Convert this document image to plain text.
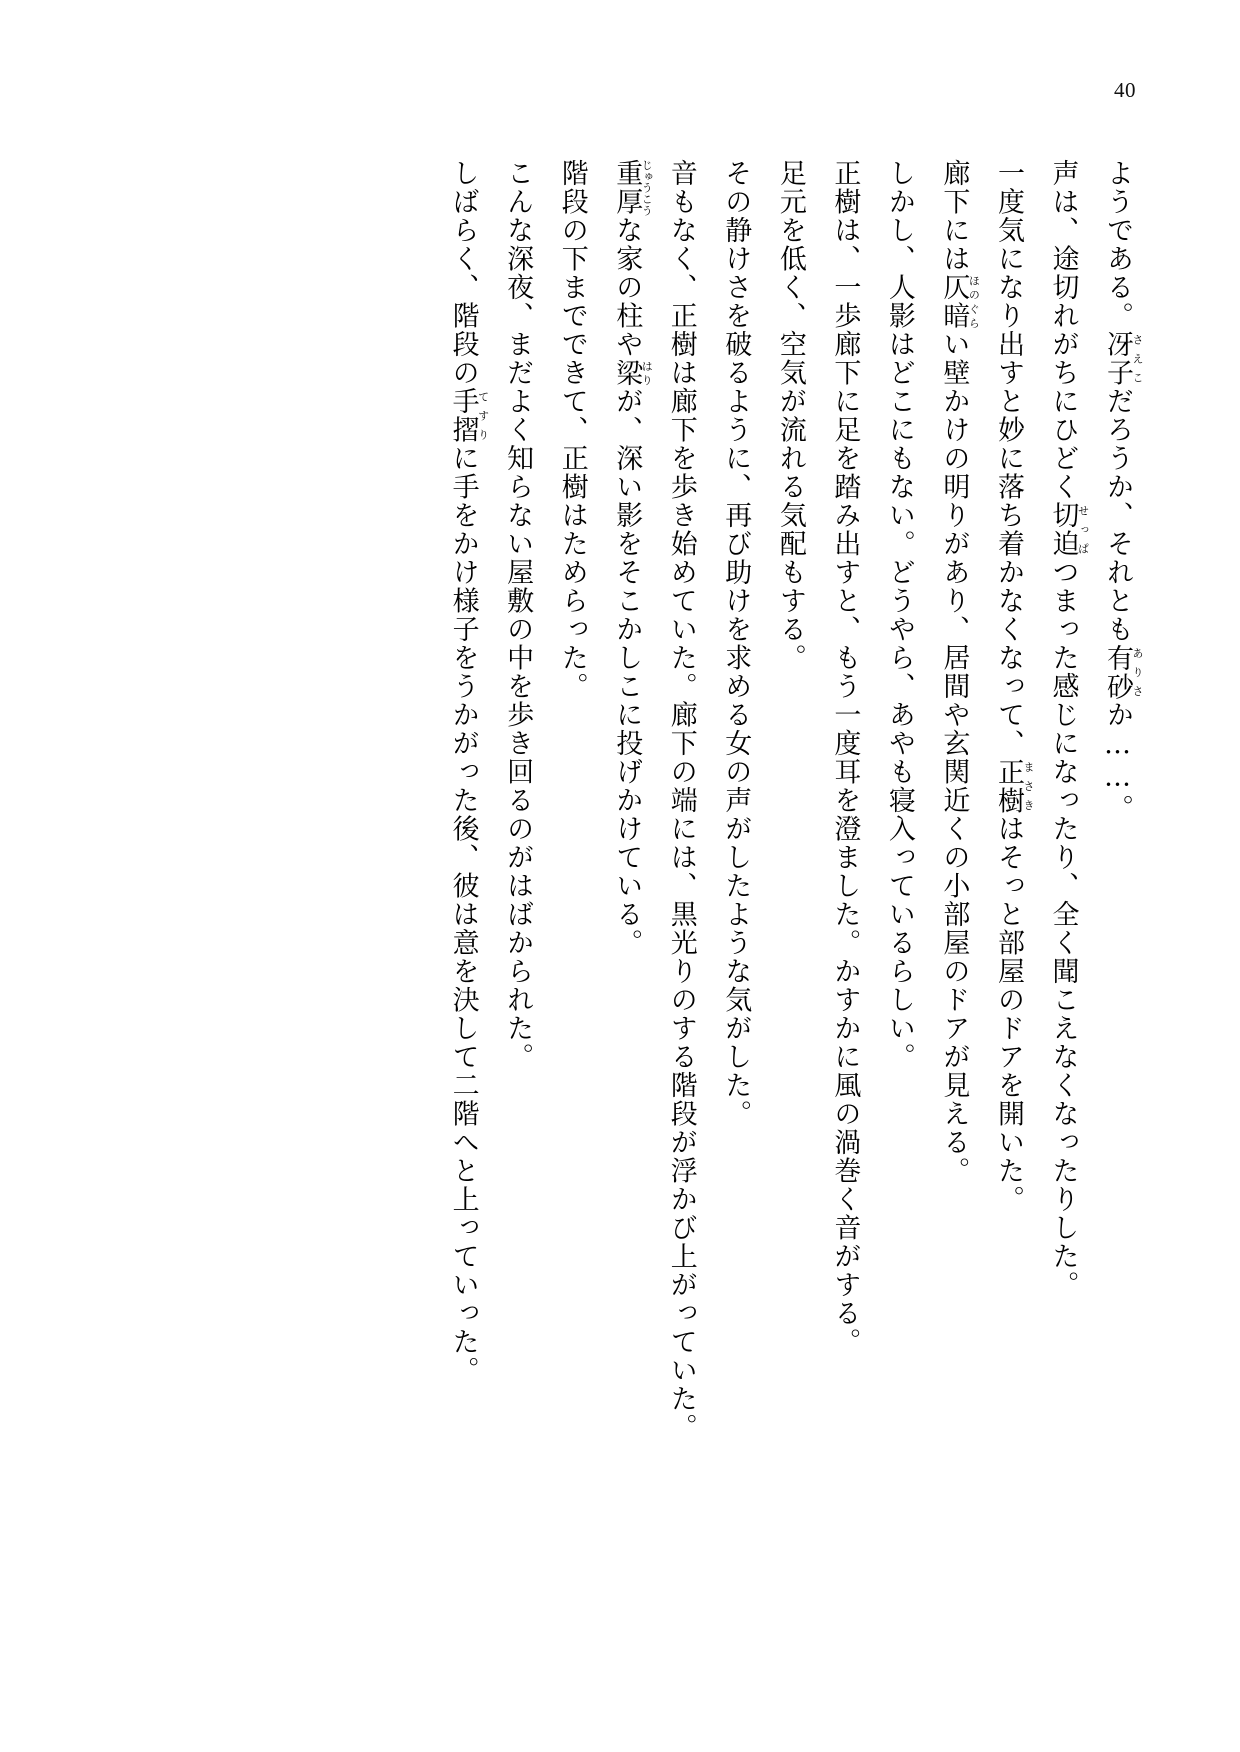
40

ようである。冴子さえこだろうか、それとも有砂ありさか……。

声は、途切れがちにひどく切迫せっぱつまった感じになったり、全く聞こえなくなったりした。

一度気になり出すと妙に落ち着かなくなって、正樹まさきはそっと部屋のドアを開いた。

廊下には仄暗ほのぐらい壁かけの明りがあり、居間や玄関近くの小部屋のドアが見える。

しかし、人影はどこにもない。どうやら、あやも寝入っているらしい。

正樹は、一歩廊下に足を踏み出すと、もう一度耳を澄ました。かすかに風の渦巻く音がする。

足元を低く、空気が流れる気配もする。

その静けさを破るように、再び助けを求める女の声がしたような気がした。

音もなく、正樹は廊下を歩き始めていた。廊下の端には、黒光りのする階段が浮かび上がっていた。

重厚じゅうこうな家の柱や梁はりが、深い影をそこかしこに投げかけている。

階段の下までできて、正樹はためらった。

こんな深夜、まだよく知らない屋敷の中を歩き回るのがはばかられた。

しばらく、階段の手摺てすりに手をかけ様子をうかがった後、彼は意を決して二階へと上っていった。
